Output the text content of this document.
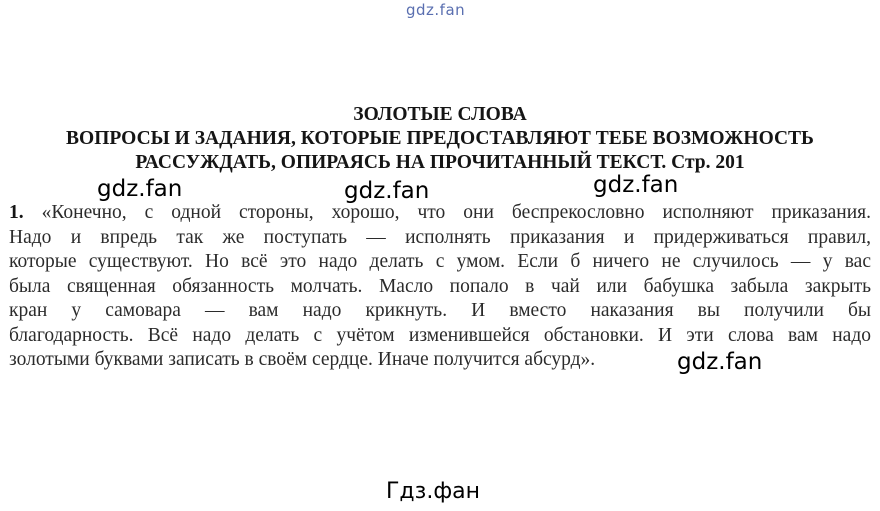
gdz.fan
ЗОЛОТЫЕ СЛОВА
ВОПРОСЫ И ЗАДАНИЯ, КОТОРЫЕ ПРЕДОСТАВЛЯЮТ ТЕБЕ ВОЗМОЖНОСТЬ
РАССУЖДАТЬ, ОПИРАЯСЬ НА ПРОЧИТАННЫЙ ТЕКСТ. Стр. 201
1. «Конечно, с одной стороны, хорошо, что они беспрекословно исполняют приказания.
Надо и впредь так же поступать — исполнять приказания и придерживаться правил,
которые существуют. Но всё это надо делать с умом. Если б ничего не случилось — у вас
была священная обязанность молчать. Масло попало в чай или бабушка забыла закрыть
кран у самовара — вам надо крикнуть. И вместо наказания вы получили бы
благодарность. Всё надо делать с учётом изменившейся обстановки. И эти слова вам надо
золотыми буквами записать в своём сердце. Иначе получится абсурд».
gdz.fan	gdz.fan	gdz.fan
gdz.fan
Гдз.фан
